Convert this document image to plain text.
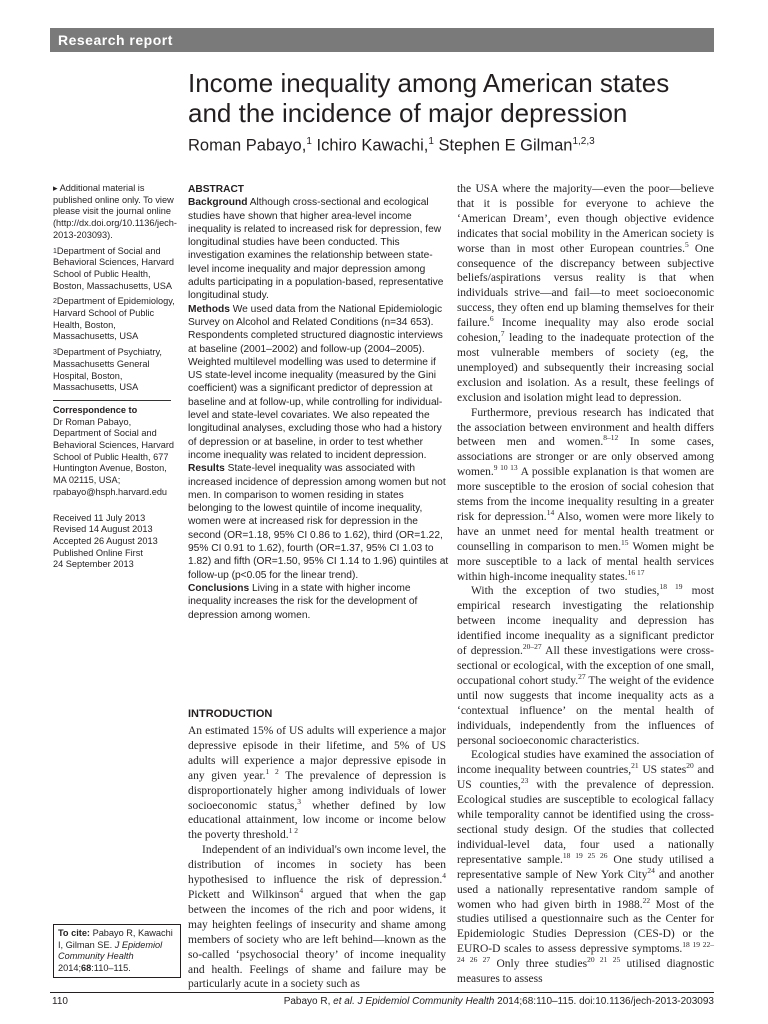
Research report
Income inequality among American states
and the incidence of major depression
Roman Pabayo,$^1$ Ichiro Kawachi,$^1$ Stephen E Gilman$^{1,2,3}$

▸ Additional material is published online only. To view please visit the journal online (http://dx.doi.org/10.1136/jech-2013-203093).

$^1$Department of Social and Behavioral Sciences, Harvard School of Public Health, Boston, Massachusetts, USA

$^2$Department of Epidemiology, Harvard School of Public Health, Boston, Massachusetts, USA

$^3$Department of Psychiatry, Massachusetts General Hospital, Boston, Massachusetts, USA

Correspondence to

Dr Roman Pabayo, Department of Social and Behavioral Sciences, Harvard School of Public Health, 677 Huntington Avenue, Boston, MA 02115, USA; rpabayo@hsph.harvard.edu

Received 11 July 2013

Revised 14 August 2013

Accepted 26 August 2013

Published Online First

24 September 2013

To cite: Pabayo R, Kawachi I, Gilman SE. J Epidemiol Community Health 2014;68:110–115.

ABSTRACT

Background Although cross-sectional and ecological studies have shown that higher area-level income inequality is related to increased risk for depression, few longitudinal studies have been conducted. This investigation examines the relationship between state-level income inequality and major depression among adults participating in a population-based, representative longitudinal study.

Methods We used data from the National Epidemiologic Survey on Alcohol and Related Conditions (n=34 653). Respondents completed structured diagnostic interviews at baseline (2001–2002) and follow-up (2004–2005). Weighted multilevel modelling was used to determine if US state-level income inequality (measured by the Gini coefficient) was a significant predictor of depression at baseline and at follow-up, while controlling for individual-level and state-level covariates. We also repeated the longitudinal analyses, excluding those who had a history of depression or at baseline, in order to test whether income inequality was related to incident depression.

Results State-level inequality was associated with increased incidence of depression among women but not men. In comparison to women residing in states belonging to the lowest quintile of income inequality, women were at increased risk for depression in the second (OR=1.18, 95% CI 0.86 to 1.62), third (OR=1.22, 95% CI 0.91 to 1.62), fourth (OR=1.37, 95% CI 1.03 to 1.82) and fifth (OR=1.50, 95% CI 1.14 to 1.96) quintiles at follow-up (p<0.05 for the linear trend).

Conclusions Living in a state with higher income inequality increases the risk for the development of depression among women.

INTRODUCTION

An estimated 15% of US adults will experience a major depressive episode in their lifetime, and 5% of US adults will experience a major depressive episode in any given year.$^{1 2}$ The prevalence of depression is disproportionately higher among individuals of lower socioeconomic status,$^3$ whether defined by low educational attainment, low income or income below the poverty threshold.$^{1 2}$

Independent of an individual's own income level, the distribution of incomes in society has been hypothesised to influence the risk of depression.$^4$ Pickett and Wilkinson$^4$ argued that when the gap between the incomes of the rich and poor widens, it may heighten feelings of insecurity and shame among members of society who are left behind—known as the so-called ‘psychosocial theory’ of income inequality and health. Feelings of shame and failure may be particularly acute in a society such as

the USA where the majority—even the poor—believe that it is possible for everyone to achieve the ‘American Dream’, even though objective evidence indicates that social mobility in the American society is worse than in most other European countries.$^5$ One consequence of the discrepancy between subjective beliefs/aspirations versus reality is that when individuals strive—and fail—to meet socioeconomic success, they often end up blaming themselves for their failure.$^6$ Income inequality may also erode social cohesion,$^7$ leading to the inadequate protection of the most vulnerable members of society (eg, the unemployed) and subsequently their increasing social exclusion and isolation. As a result, these feelings of exclusion and isolation might lead to depression.

Furthermore, previous research has indicated that the association between environment and health differs between men and women.$^{8-12}$ In some cases, associations are stronger or are only observed among women.$^{9 10 13}$ A possible explanation is that women are more susceptible to the erosion of social cohesion that stems from the income inequality resulting in a greater risk for depression.$^{14}$ Also, women were more likely to have an unmet need for mental health treatment or counselling in comparison to men.$^{15}$ Women might be more susceptible to a lack of mental health services within high-income inequality states.$^{16 17}$

With the exception of two studies,$^{18 19}$ most empirical research investigating the relationship between income inequality and depression has identified income inequality as a significant predictor of depression.$^{20-27}$ All these investigations were cross-sectional or ecological, with the exception of one small, occupational cohort study.$^{27}$ The weight of the evidence until now suggests that income inequality acts as a ‘contextual influence’ on the mental health of individuals, independently from the influences of personal socioeconomic characteristics.

Ecological studies have examined the association of income inequality between countries,$^{21}$ US states$^{20}$ and US counties,$^{23}$ with the prevalence of depression. Ecological studies are susceptible to ecological fallacy while temporality cannot be identified using the cross-sectional study design. Of the studies that collected individual-level data, four used a nationally representative sample.$^{18 19 25 26}$ One study utilised a representative sample of New York City$^{24}$ and another used a nationally representative random sample of women who had given birth in 1988.22 Most of the studies utilised a questionnaire such as the Center for Epidemiologic Studies Depression (CES-D) or the EURO-D scales to assess depressive symptoms.$^{18 19 22-24 26 27}$ Only three studies$^{20 21 25}$ utilised diagnostic measures to assess

110	Pabayo R, et al. J Epidemiol Community Health 2014;68:110–115. doi:10.1136/jech-2013-203093
